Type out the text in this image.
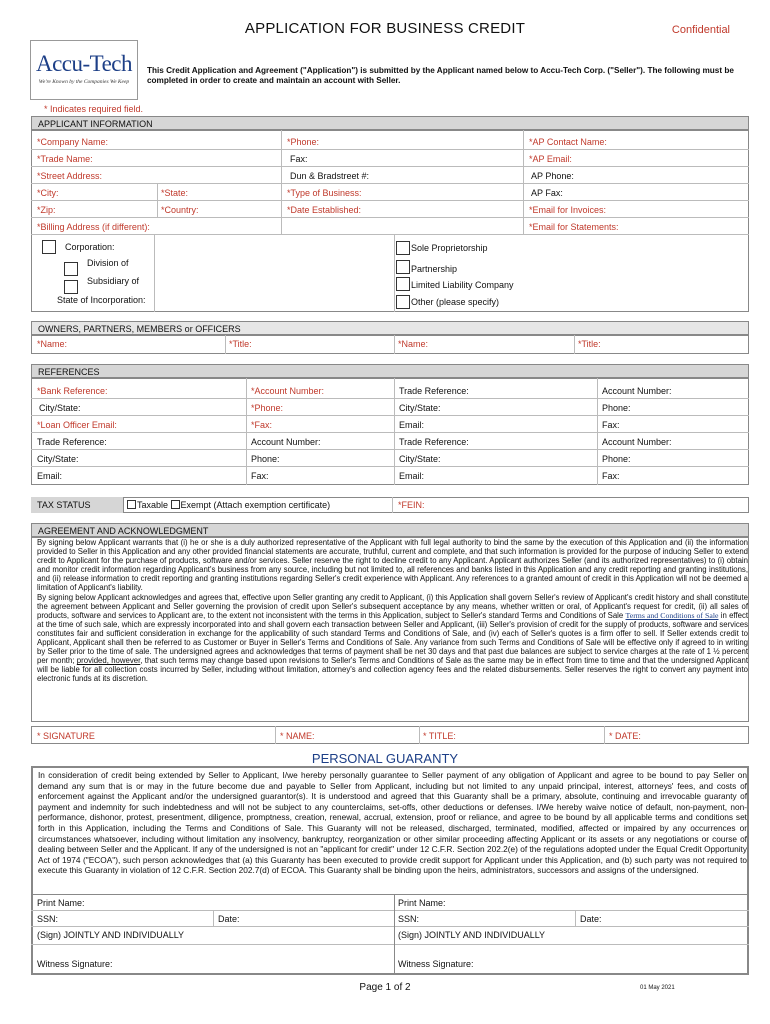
APPLICATION FOR BUSINESS CREDIT	Confidential
Accu-Tech
We're Known by the Companies We Keep
This Credit Application and Agreement ("Application") is submitted by the Applicant named below to Accu-Tech Corp. ("Seller"). The following must be completed in order to create and maintain an account with Seller.
* Indicates required field.
APPLICANT INFORMATION
*Company Name:	*Phone:	*AP Contact Name:
*Trade Name:	Fax:	*AP Email:
*Street Address:	Dun & Bradstreet #:	AP Phone:
*City:	*State:	*Type of Business:	AP Fax:
*Zip:	*Country:	*Date Established:	*Email for Invoices:
*Billing Address (if different):	*Email for Statements:
Corporation:
Division of
Subsidiary of
State of Incorporation:
Sole Proprietorship
Partnership
Limited Liability Company
Other (please specify)
OWNERS, PARTNERS, MEMBERS or OFFICERS
*Name:	*Title:	*Name:	*Title:
REFERENCES
*Bank Reference:	*Account Number:	Trade Reference:	Account Number:
City/State:	*Phone:	City/State:	Phone:
*Loan Officer Email:	*Fax:	Email:	Fax:
Trade Reference:	Account Number:	Trade Reference:	Account Number:
City/State:	Phone:	City/State:	Phone:
Email:	Fax:	Email:	Fax:
TAX STATUS	Taxable Exempt (Attach exemption certificate)	*FEIN:
AGREEMENT AND ACKNOWLEDGMENT
By signing below Applicant warrants that (i) he or she is a duly authorized representative of the Applicant with full legal authority to bind the same by the execution of this Application and (ii) the information provided to Seller in this Application and any other provided financial statements are accurate, truthful, current and complete, and that such information is provided for the purpose of inducing Seller to extend credit to Applicant for the purchase of products, software and/or services. Seller reserve the right to decline credit to any Applicant. Applicant authorizes Seller (and its authorized representatives) to (i) obtain and monitor credit information regarding Applicant's business from any source, including but not limited to, all references and banks listed in this Application and any credit reporting and granting institutions, and (ii) release information to credit reporting and granting institutions regarding Seller's credit experience with Applicant. Any references to a granted amount of credit in this Application will not be deemed a limitation of Applicant's liability.
By signing below Applicant acknowledges and agrees that, effective upon Seller granting any credit to Applicant, (i) this Application shall govern Seller's review of Applicant's credit history and shall constitute the agreement between Applicant and Seller governing the provision of credit upon Seller's subsequent acceptance by any means, whether written or oral, of Applicant's request for credit, (ii) all sales of products, software and services to Applicant are, to the extent not inconsistent with the terms in this Application, subject to Seller's standard Terms and Conditions of Sale Terms and Conditions of Sale in effect at the time of such sale, which are expressly incorporated into and shall govern each transaction between Seller and Applicant, (iii) Seller's provision of credit for the supply of products, software and services constitutes fair and sufficient consideration in exchange for the applicability of such standard Terms and Conditions of Sale, and (iv) each of Seller's quotes is a firm offer to sell. If Seller extends credit to Applicant, Applicant shall then be referred to as Customer or Buyer in Seller's Terms and Conditions of Sale. Any variance from such Terms and Conditions of Sale will be effective only if agreed to in writing by Seller prior to the time of sale. The undersigned agrees and acknowledges that terms of payment shall be net 30 days and that past due balances are subject to service charges at the rate of 1 ½ percent per month; provided, however, that such terms may change based upon revisions to Seller's Terms and Conditions of Sale as the same may be in effect from time to time and that the undersigned Applicant will be liable for all collection costs incurred by Seller, including without limitation, attorney's and collection agency fees and the related disbursements. Seller reserves the right to convert any payment into electronic funds at its discretion.
* SIGNATURE	* NAME:	* TITLE:	* DATE:
PERSONAL GUARANTY
In consideration of credit being extended by Seller to Applicant, I/we hereby personally guarantee to Seller payment of any obligation of Applicant and agree to be bound to pay Seller on demand any sum that is or may in the future become due and payable to Seller from Applicant, including but not limited to any unpaid principal, interest, attorneys' fees, and costs of enforcement against the Applicant and/or the undersigned guarantor(s). It is understood and agreed that this Guaranty shall be a primary, absolute, continuing and irrevocable guaranty of payment and indemnity for such indebtedness and will not be subject to any counterclaims, set-offs, other deductions or defenses. I/We hereby waive notice of default, non-payment, non-performance, dishonor, protest, presentment, diligence, promptness, creation, renewal, accrual, extension, proof or reliance, and agree to be bound by all applicable terms and conditions set forth in this Application, including the Terms and Conditions of Sale. This Guaranty will not be released, discharged, terminated, modified, affected or impaired by any occurrences or circumstances whatsoever, including without limitation any insolvency, bankruptcy, reorganization or other similar proceeding affecting Applicant or its assets or any negotiations or course of dealing between Seller and the Applicant. If any of the undersigned is not an "applicant for credit" under 12 C.F.R. Section 202.2(e) of the regulations adopted under the Equal Credit Opportunity Act of 1974 ("ECOA"), such person acknowledges that (a) this Guaranty has been executed to provide credit support for Applicant under this Application, and (b) such party was not required to execute this Guaranty in violation of 12 C.F.R. Section 202.7(d) of ECOA. This Guaranty shall be binding upon the heirs, administrators, successors and assigns of the undersigned.
Print Name:	Print Name:
SSN:	Date:	SSN:	Date:
(Sign) JOINTLY AND INDIVIDUALLY	(Sign) JOINTLY AND INDIVIDUALLY
Witness Signature:	Witness Signature:
Page 1 of 2	01 May 2021
